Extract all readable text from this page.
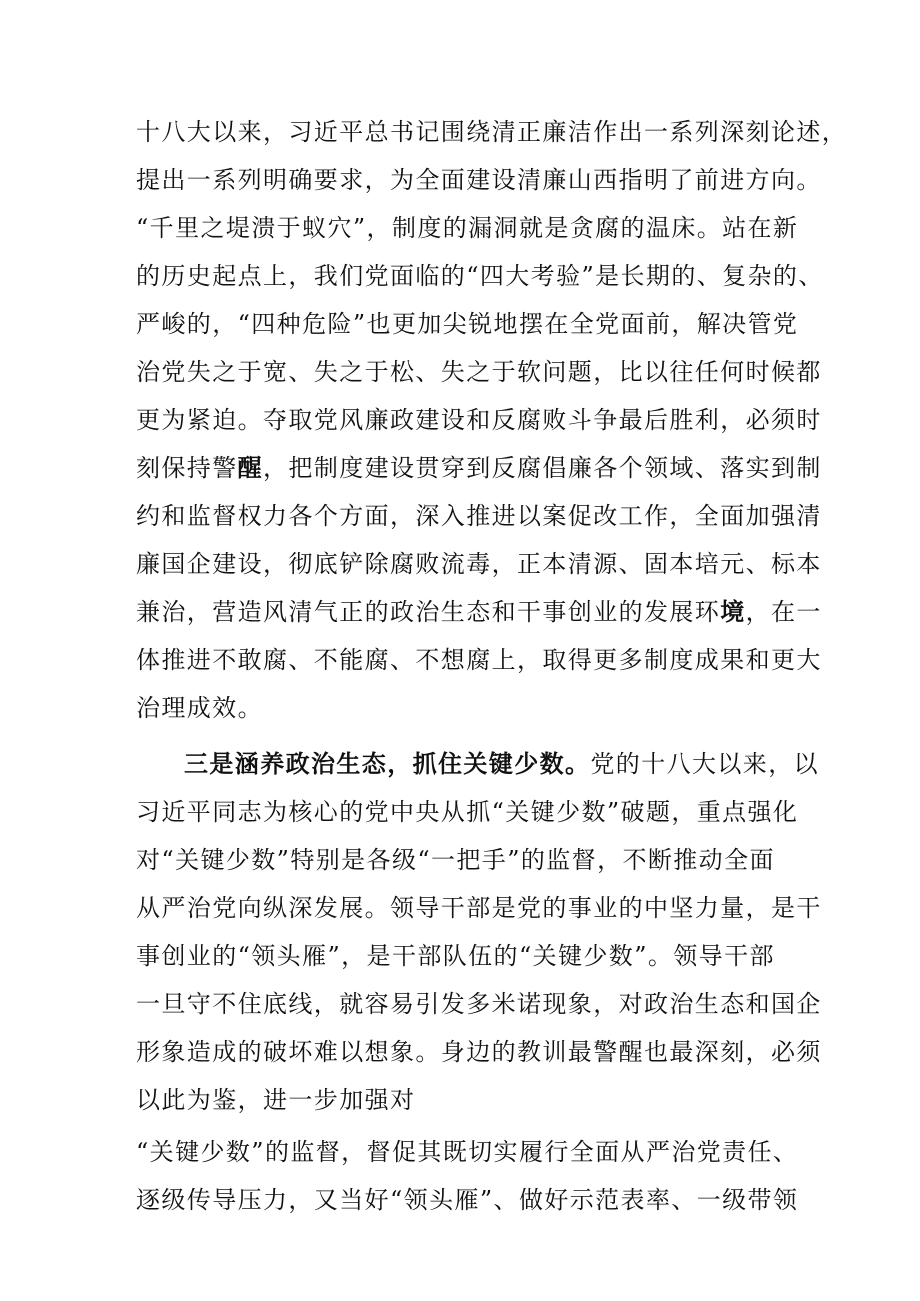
十八大以来，习近平总书记围绕清正廉洁作出一系列深刻论述，
提出一系列明确要求，为全面建设清廉山西指明了前进方向。
“千里之堤溃于蚁穴”，制度的漏洞就是贪腐的温床。站在新
的历史起点上，我们党面临的“四大考验”是长期的、复杂的、
严峻的，“四种危险”也更加尖锐地摆在全党面前，解决管党
治党失之于宽、失之于松、失之于软问题，比以往任何时候都
更为紧迫。夺取党风廉政建设和反腐败斗争最后胜利，必须时
刻保持警醒，把制度建设贯穿到反腐倡廉各个领域、落实到制
约和监督权力各个方面，深入推进以案促改工作，全面加强清
廉国企建设，彻底铲除腐败流毒，正本清源、固本培元、标本
兼治，营造风清气正的政治生态和干事创业的发展环境，在一
体推进不敢腐、不能腐、不想腐上，取得更多制度成果和更大
治理成效。
三是涵养政治生态，抓住关键少数。党的十八大以来，以
习近平同志为核心的党中央从抓“关键少数”破题，重点强化
对“关键少数”特别是各级“一把手”的监督，不断推动全面
从严治党向纵深发展。领导干部是党的事业的中坚力量，是干
事创业的“领头雁”，是干部队伍的“关键少数”。领导干部
一旦守不住底线，就容易引发多米诺现象，对政治生态和国企
形象造成的破坏难以想象。身边的教训最警醒也最深刻，必须
以此为鉴，进一步加强对
“关键少数”的监督，督促其既切实履行全面从严治党责任、
逐级传导压力，又当好“领头雁”、做好示范表率、一级带领
